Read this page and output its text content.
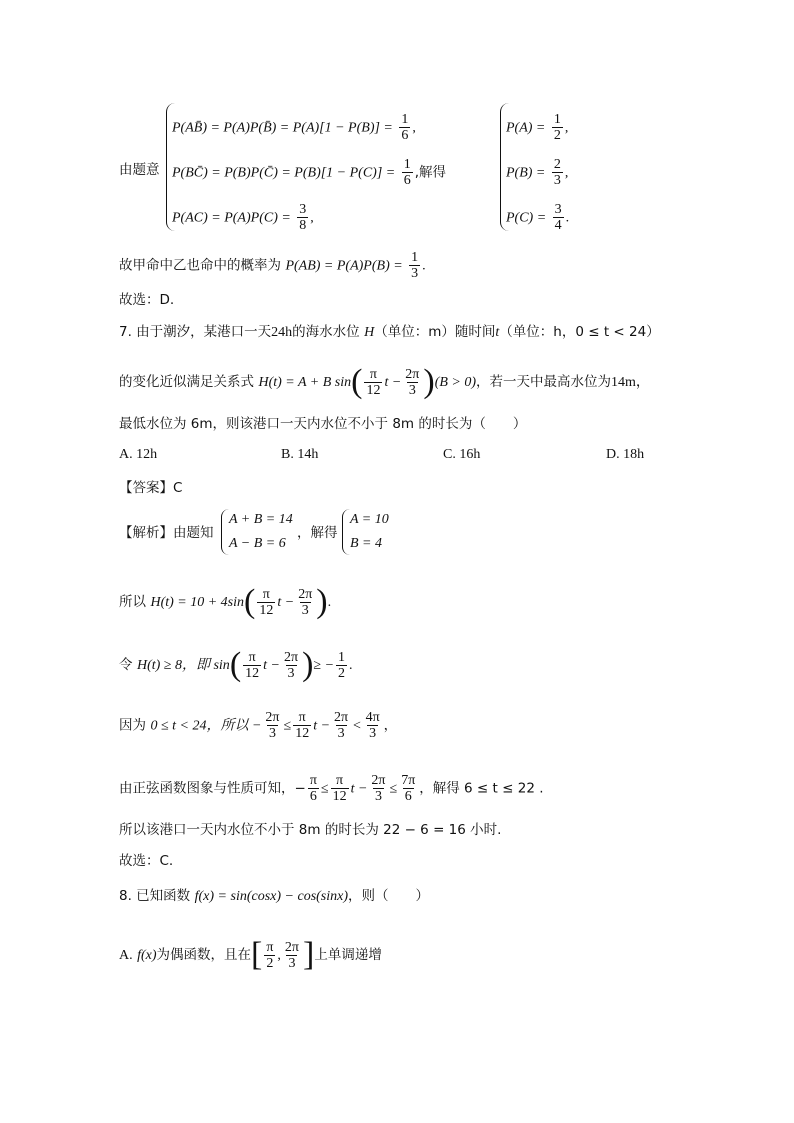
由题意
P(AB̄) = P(A)P(B̄) = $P(A)[1 - P(B)] = \frac{1}{6}$ ,
P(BC̄) = P(B)P(C̄) = $P(B)[1 - P(C)] = \frac{1}{6}$ ,解得
$P(AC) = P(A)P(C) = \frac{3}{8}$ ,
$P(A) = \frac{1}{2}$ ,
$P(B) = \frac{2}{3}$ ,
$P(C) = \frac{3}{4}$ .
故甲命中乙也命中的概率为 $P(AB) = P(A)P(B) = \frac{1}{3}$ .
故选：D.
7. 由于潮汐，某港口一天24h的海水水位 H（单位：m）随时间t（单位：h，0 ≤ t < 24）
的变化近似满足关系式 H(t) = A + B $\sin( \frac{\pi}{12}$ $t - \frac{2\pi}{3} )(B > 0)$，若一天中最高水位为14m，
最低水位为 6m，则该港口一天内水位不小于 8m 的时长为（　　）
A. 12h	B. 14h	C. 16h	D. 18h
【答案】C
【解析】由题知
A + B = 14
A − B = 6
，解得
A = 10
B = 4
所以 $H(t) = 10 + 4\sin( \frac{\pi}{12}$ $t - \frac{2\pi}{3}$ ).
令 H(t) ≥ 8，即 $\sin( \frac{\pi}{12}$ $t - \frac{2\pi}{3}$ )≥ − $\frac{1}{2}$ .
因为 0 ≤ t < 24，所以 − $\frac{2\pi}{3} \le \frac{\pi}{12}$ $t - \frac{2\pi}{3} < \frac{4\pi}{3}$ ，
由正弦函数图象与性质可知，− $\frac{\pi}{6} \le \frac{\pi}{12}$ $t - \frac{2\pi}{3} \le \frac{7\pi}{6}$ ，解得 6 ≤ t ≤ 22 .
所以该港口一天内水位不小于 8m 的时长为 22 − 6 = 16 小时.
故选：C.
8. 已知函数 f(x) = sin(cosx) − cos(sinx)，则（　　）
A. f(x)为偶函数，且在[ $\frac{\pi}{2}$ , $\frac{2\pi}{3}$ ]上单调递增
